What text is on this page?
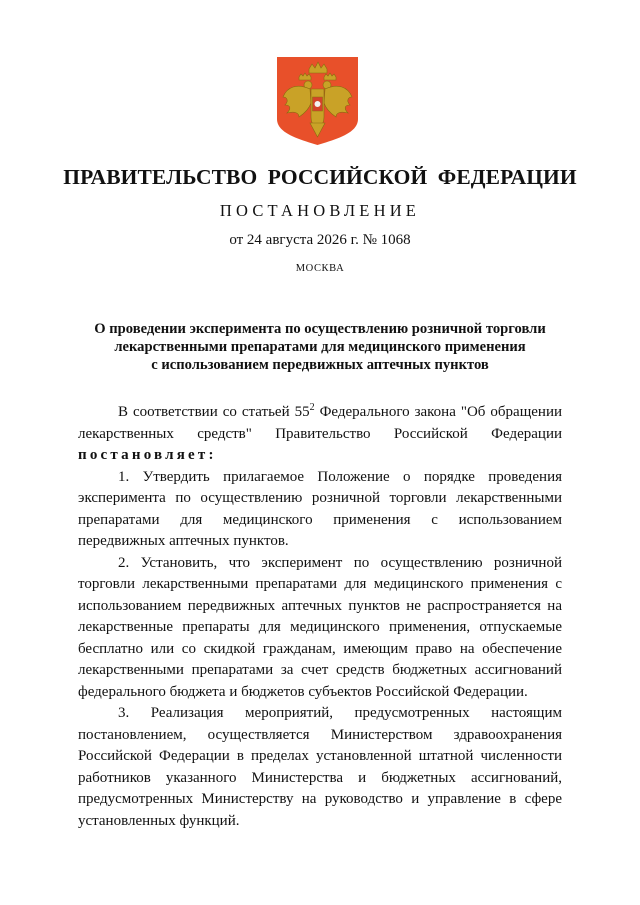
ПРАВИТЕЛЬСТВО РОССИЙСКОЙ ФЕДЕРАЦИИ
ПОСТАНОВЛЕНИЕ
от 24 августа 2026 г. № 1068
МОСКВА
О проведении эксперимента по осуществлению розничной торговли
лекарственными препаратами для медицинского применения
с использованием передвижных аптечных пунктов

В соответствии со статьей $55^2$ Федерального закона "Об обращении лекарственных средств" Правительство Российской Федерации постановляет:

1. Утвердить прилагаемое Положение о порядке проведения эксперимента по осуществлению розничной торговли лекарственными препаратами для медицинского применения с использованием передвижных аптечных пунктов.

2. Установить, что эксперимент по осуществлению розничной торговли лекарственными препаратами для медицинского применения с использованием передвижных аптечных пунктов не распространяется на лекарственные препараты для медицинского применения, отпускаемые бесплатно или со скидкой гражданам, имеющим право на обеспечение лекарственными препаратами за счет средств бюджетных ассигнований федерального бюджета и бюджетов субъектов Российской Федерации.

3. Реализация мероприятий, предусмотренных настоящим постановлением, осуществляется Министерством здравоохранения Российской Федерации в пределах установленной штатной численности работников указанного Министерства и бюджетных ассигнований, предусмотренных Министерству на руководство и управление в сфере установленных функций.
